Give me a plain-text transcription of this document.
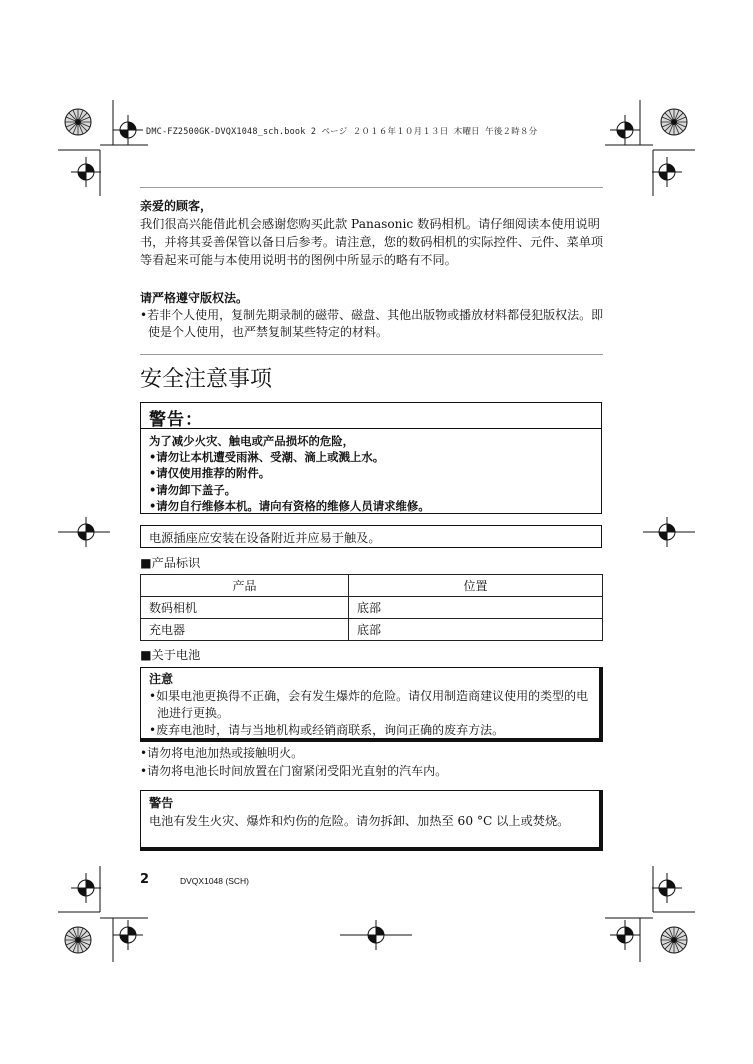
DMC-FZ2500GK-DVQX1048_sch.book 2 ページ ２０１６年１０月１３日 木曜日 午後２時８分
亲爱的顾客，
我们很高兴能借此机会感谢您购买此款 Panasonic 数码相机。请仔细阅读本使用说明书，并将其妥善保管以备日后参考。请注意，您的数码相机的实际控件、元件、菜单项等看起来可能与本使用说明书的图例中所显示的略有不同。
请严格遵守版权法。
•若非个人使用，复制先期录制的磁带、磁盘、其他出版物或播放材料都侵犯版权法。即使是个人使用，也严禁复制某些特定的材料。
安全注意事项
警告：
为了减少火灾、触电或产品损坏的危险，
•请勿让本机遭受雨淋、受潮、滴上或溅上水。
•请仅使用推荐的附件。
•请勿卸下盖子。
•请勿自行维修本机。请向有资格的维修人员请求维修。
电源插座应安装在设备附近并应易于触及。
■产品标识
产品	位置
数码相机	底部
充电器	底部
■关于电池
注意
•如果电池更换得不正确，会有发生爆炸的危险。请仅用制造商建议使用的类型的电池进行更换。
•废弃电池时，请与当地机构或经销商联系，询问正确的废弃方法。
•请勿将电池加热或接触明火。
•请勿将电池长时间放置在门窗紧闭受阳光直射的汽车内。
警告
电池有发生火灾、爆炸和灼伤的危险。请勿拆卸、加热至 60 °C 以上或焚烧。
2	DVQX1048 (SCH)
